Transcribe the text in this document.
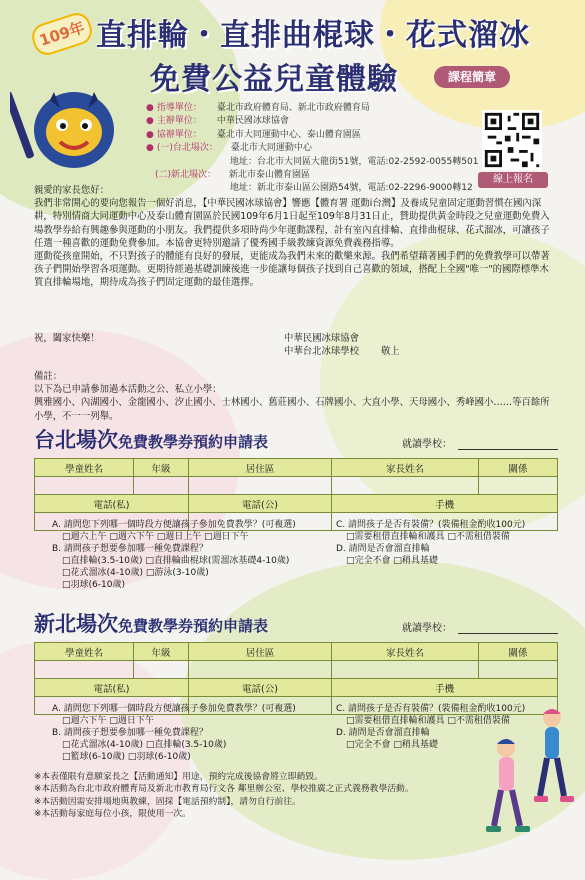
109年 直排輪・直排曲棍球・花式溜冰
免費公益兒童體驗	課程簡章
● 指導單位：	臺北市政府體育局、新北市政府體育局
● 主辦單位：	中華民國冰球協會
● 協辦單位：	臺北市大同運動中心、泰山體育園區
● (一)台北場次：	臺北市大同運動中心
地址：台北市大同區大龍街51號，電話:02-2592-0055轉501
(二)新北場次：	新北市泰山體育園區
地址：新北市泰山區公園路54號，電話:02-2296-9000轉12
線上報名

親愛的家長您好：

我們非常開心的要向您報告一個好消息，【中華民國冰球協會】響應【體育署 運動i台灣】及養成兒童固定運動習慣在國內深耕，特別情商大同運動中心及泰山體育園區於民國109年6月1日起至109年8月31日止，贊助提供黃金時段之兒童運動免費入場教學券給有興趣參與運動的小朋友。我們提供多項時尚少年運動課程，計有室內直排輪、直排曲棍球、花式溜冰，可讓孩子任選一種喜歡的運動免費參加。本協會更特別邀請了優秀國手級教練資源免費義務指導。

運動從孩童開始，不只對孩子的體能有良好的發展，更能成為我們未來的歡樂來源。我們希望藉著國手們的免費教學可以帶著孩子們開始學習各項運動。更期待經過基礎訓練後進一步能讓每個孩子找到自己喜歡的領域，搭配上全國"唯一"的國際標準木質直排輪場地，期待成為孩子們固定運動的最佳選擇。

祝，闔家快樂！	中華民國冰球協會
中華台北冰球學校 敬上
備註：
以下為已申請參加過本活動之公、私立小學：
興雅國小、內湖國小、金龍國小、汐止國小、士林國小、舊莊國小、石牌國小、大直小學、天母國小、秀峰國小……等百餘所小學，不一一列舉。
台北場次 免費教學券預約申請表	就讀學校：
學童姓名	年級	居住區	家長姓名	關係

電話(私)		電話(公)	手機	

A. 請問您下列哪一個時段方便讓孩子參加免費教學？(可複選)
□週六上午 □週六下午 □週日上午 □週日下午
B. 請問孩子想要參加哪一種免費課程？
□直排輪(3.5-10歲) □直排輪曲棍球(需溜冰基礎4-10歲)
□花式溜冰(4-10歲) □游泳(3-10歲)
□羽球(6-10歲)
C. 請問孩子是否有裝備？(裝備租金酌收100元)
□需要租借直排輪和護具 □不需租借裝備
D. 請問是否會溜直排輪
□完全不會 □稍具基礎
新北場次 免費教學券預約申請表	就讀學校：
學童姓名	年級	居住區	家長姓名	關係

電話(私)		電話(公)	手機	

A. 請問您下列哪一個時段方便讓孩子參加免費教學？(可複選)
□週六下午 □週日下午
B. 請問孩子想要參加哪一種免費課程？
□花式溜冰(4-10歲) □直排輪(3.5-10歲)
□籃球(6-10歲) □羽球(6-10歲)
C. 請問孩子是否有裝備？(裝備租金酌收100元)
□需要租借直排輪和護具 □不需租借裝備
D. 請問是否會溜直排輪
□完全不會 □稍具基礎
※本表僅限有意願家長之【活動通知】用途，預約完成後協會將立即銷毀。
※本活動為台北市政府體育局及新北市教育局行文各 鄰里辦公室、學校推廣之正式義務教學活動。
※本活動因需安排場地與教練，固採【電話預約制】，請勿自行前往。
※本活動每家庭每位小孩，限使用一次。
